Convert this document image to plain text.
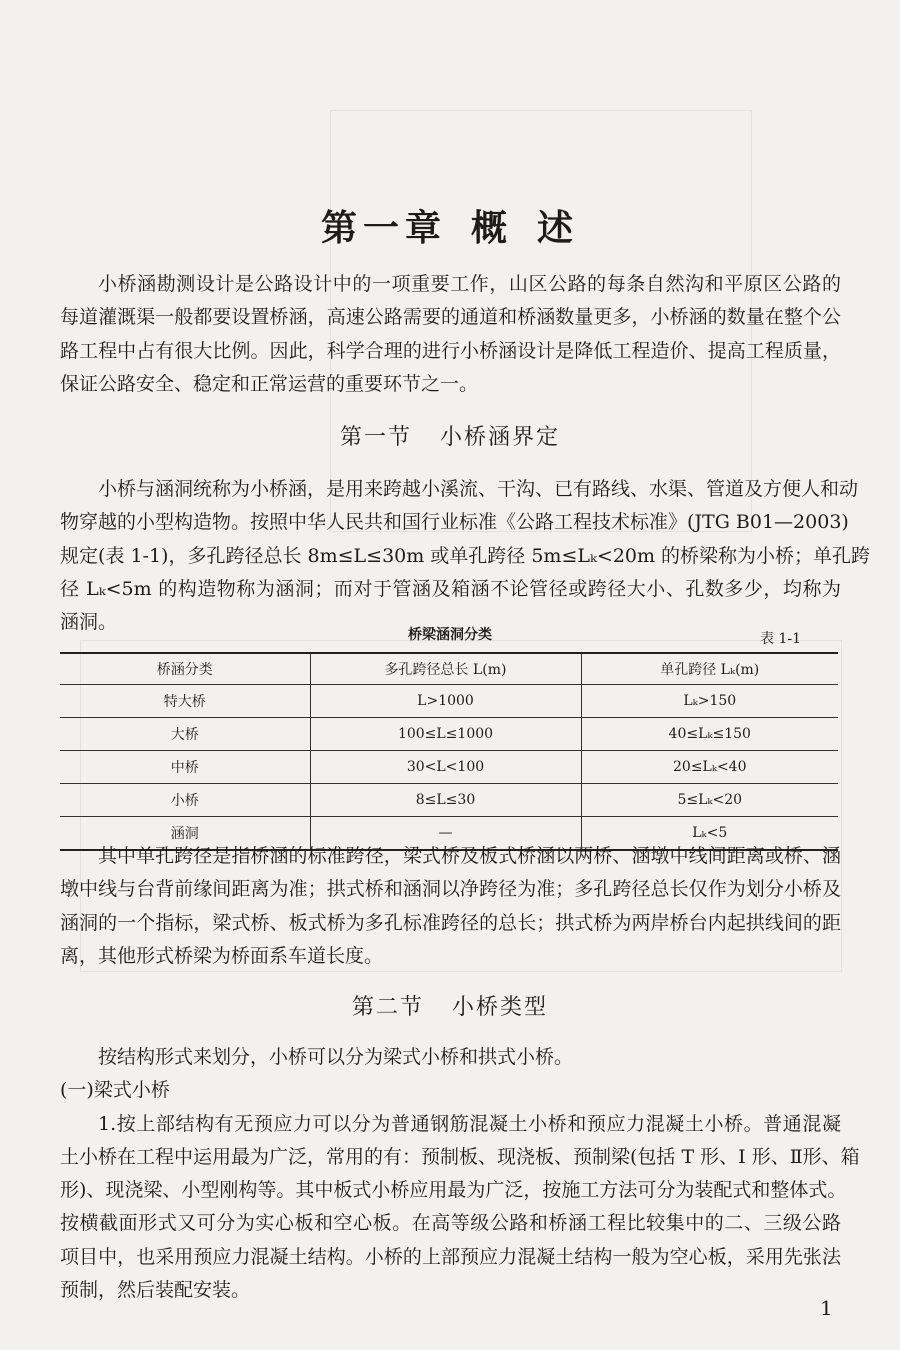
第一章 概 述
小桥涵勘测设计是公路设计中的一项重要工作，山区公路的每条自然沟和平原区公路的
每道灌溉渠一般都要设置桥涵，高速公路需要的通道和桥涵数量更多，小桥涵的数量在整个公
路工程中占有很大比例。因此，科学合理的进行小桥涵设计是降低工程造价、提高工程质量，
保证公路安全、稳定和正常运营的重要环节之一。
第一节 小桥涵界定
小桥与涵洞统称为小桥涵，是用来跨越小溪流、干沟、已有路线、水渠、管道及方便人和动
物穿越的小型构造物。按照中华人民共和国行业标准《公路工程技术标准》(JTG B01—2003)
规定(表 1-1)，多孔跨径总长 8m≤L≤30m 或单孔跨径 5m≤Lₖ<20m 的桥梁称为小桥；单孔跨
径 Lₖ<5m 的构造物称为涵洞；而对于管涵及箱涵不论管径或跨径大小、孔数多少，均称为
涵洞。
桥梁涵洞分类	表 1-1
桥涵分类	多孔跨径总长 L(m)	单孔跨径 Lₖ(m)
特大桥	L>1000	Lₖ>150
大桥	100≤L≤1000	40≤Lₖ≤150
中桥	30<L<100	20≤Lₖ<40
小桥	8≤L≤30	5≤Lₖ<20
涵洞	—	Lₖ<5
其中单孔跨径是指桥涵的标准跨径，梁式桥及板式桥涵以两桥、涵墩中线间距离或桥、涵
墩中线与台背前缘间距离为准；拱式桥和涵洞以净跨径为准；多孔跨径总长仅作为划分小桥及
涵洞的一个指标，梁式桥、板式桥为多孔标准跨径的总长；拱式桥为两岸桥台内起拱线间的距
离，其他形式桥梁为桥面系车道长度。
第二节 小桥类型
按结构形式来划分，小桥可以分为梁式小桥和拱式小桥。
(一)梁式小桥
1.按上部结构有无预应力可以分为普通钢筋混凝土小桥和预应力混凝土小桥。普通混凝
土小桥在工程中运用最为广泛，常用的有：预制板、现浇板、预制梁(包括 T 形、I 形、Ⅱ形、箱
形)、现浇梁、小型刚构等。其中板式小桥应用最为广泛，按施工方法可分为装配式和整体式。
按横截面形式又可分为实心板和空心板。在高等级公路和桥涵工程比较集中的二、三级公路
项目中，也采用预应力混凝土结构。小桥的上部预应力混凝土结构一般为空心板，采用先张法
预制，然后装配安装。
1
